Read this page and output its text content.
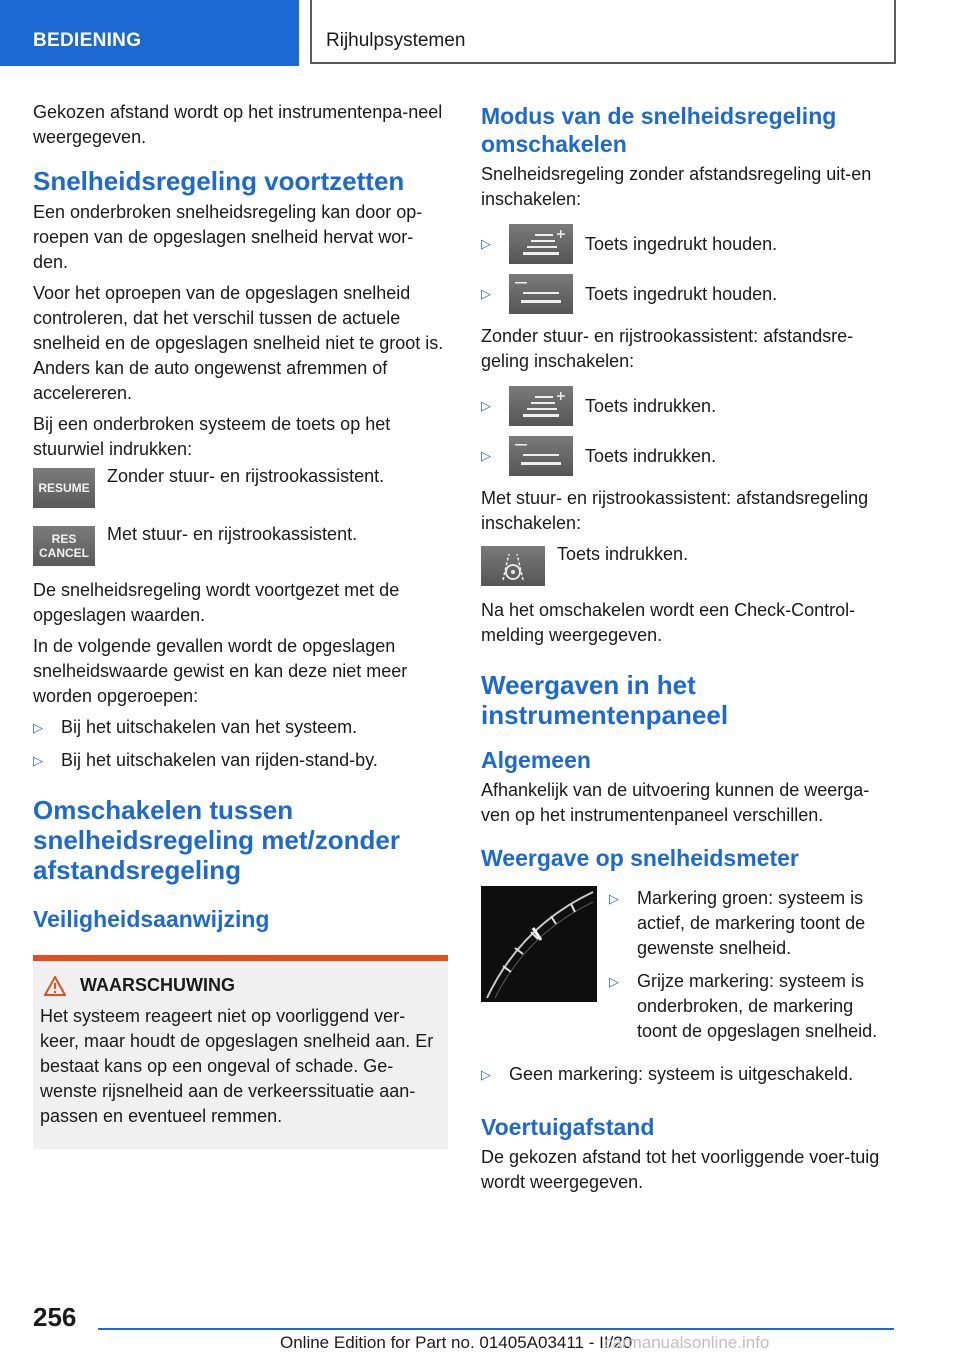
BEDIENING	Rijhulpsystemen

Gekozen afstand wordt op het instrumentenpa-neel weergegeven.

Snelheidsregeling voortzetten

Een onderbroken snelheidsregeling kan door op-roepen van de opgeslagen snelheid hervat wor-den.

Voor het oproepen van de opgeslagen snelheid controleren, dat het verschil tussen de actuele snelheid en de opgeslagen snelheid niet te groot is. Anders kan de auto ongewenst afremmen of accelereren.

Bij een onderbroken systeem de toets op het stuurwiel indrukken:

RESUME
Zonder stuur- en rijstrookassistent.
RES
CANCEL
Met stuur- en rijstrookassistent.

De snelheidsregeling wordt voortgezet met de opgeslagen waarden.

In de volgende gevallen wordt de opgeslagen snelheidswaarde gewist en kan deze niet meer worden opgeroepen:

▷	Bij het uitschakelen van het systeem.
▷	Bij het uitschakelen van rijden-stand-by.
Omschakelen tussen snelheidsregeling met/zonder afstandsregeling
Veiligheidsaanwijzing
WAARSCHUWING

Het systeem reageert niet op voorliggend ver-keer, maar houdt de opgeslagen snelheid aan. Er bestaat kans op een ongeval of schade. Ge-wenste rijsnelheid aan de verkeerssituatie aan-passen en eventueel remmen.

Modus van de snelheidsregeling omschakelen

Snelheidsregeling zonder afstandsregeling uit-en inschakelen:

▷	Toets ingedrukt houden.
▷	Toets ingedrukt houden.

Zonder stuur- en rijstrookassistent: afstandsre-geling inschakelen:

▷	Toets indrukken.
▷	Toets indrukken.

Met stuur- en rijstrookassistent: afstandsregeling inschakelen:

Toets indrukken.

Na het omschakelen wordt een Check-Control-melding weergegeven.

Weergaven in het instrumentenpaneel
Algemeen

Afhankelijk van de uitvoering kunnen de weerga-ven op het instrumentenpaneel verschillen.

Weergave op snelheidsmeter
▷	Markering groen: systeem is actief, de markering toont de gewenste snelheid.
▷	Grijze markering: systeem is onderbroken, de markering toont de opgeslagen snelheid.
▷	Geen markering: systeem is uitgeschakeld.
Voertuigafstand

De gekozen afstand tot het voorliggende voer-tuig wordt weergegeven.

256
Online Edition for Part no. 01405A03411 - II/20
carmanualsonline.info
